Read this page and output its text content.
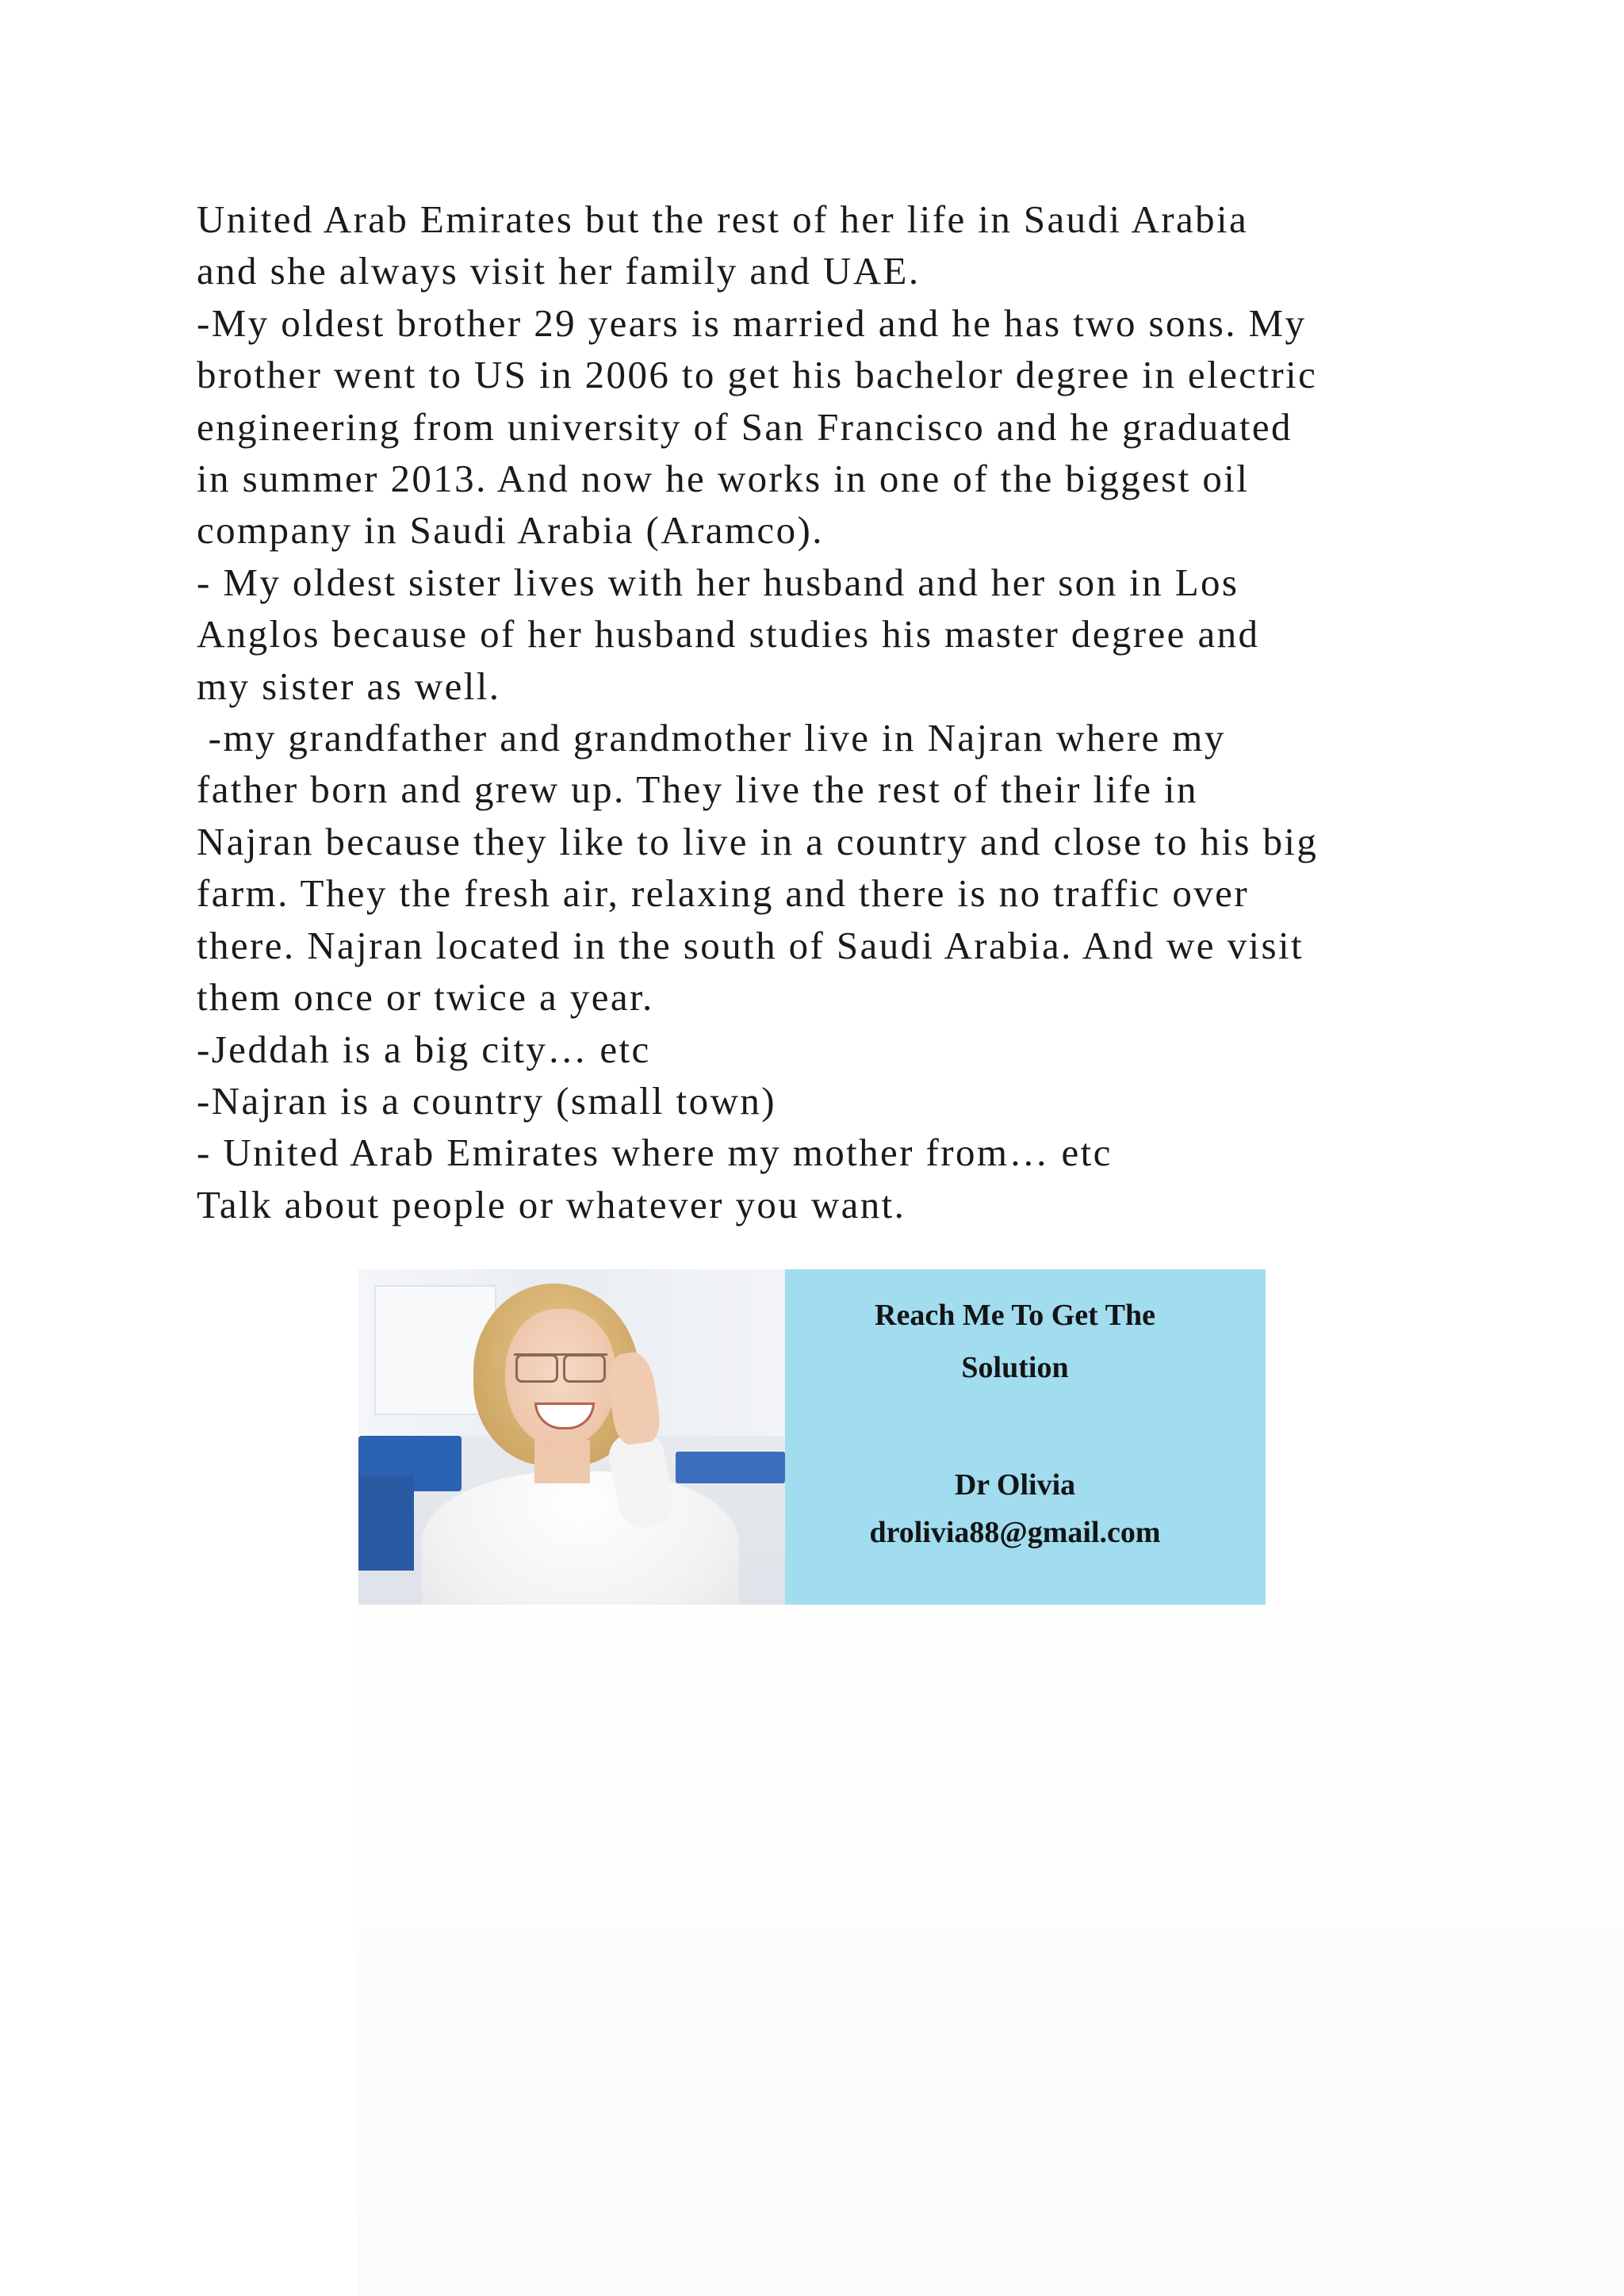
United Arab Emirates but the rest of her life in Saudi Arabia
and she always visit her family and UAE.
-My oldest brother 29 years is married and he has two sons. My
brother went to US in 2006 to get his bachelor degree in electric
engineering from university of San Francisco and he graduated
in summer 2013. And now he works in one of the biggest oil
company in Saudi Arabia (Aramco).
- My oldest sister lives with her husband and her son in Los
Anglos because of her husband studies his master degree and
my sister as well.
-my grandfather and grandmother live in Najran where my
father born and grew up. They live the rest of their life in
Najran because they like to live in a country and close to his big
farm. They the fresh air, relaxing and there is no traffic over
there. Najran located in the south of Saudi Arabia. And we visit
them once or twice a year.
-Jeddah is a big city… etc
-Najran is a country (small town)
- United Arab Emirates where my mother from… etc
Talk about people or whatever you want.
Reach Me To Get The
Solution
Dr Olivia
drolivia88@gmail.com
